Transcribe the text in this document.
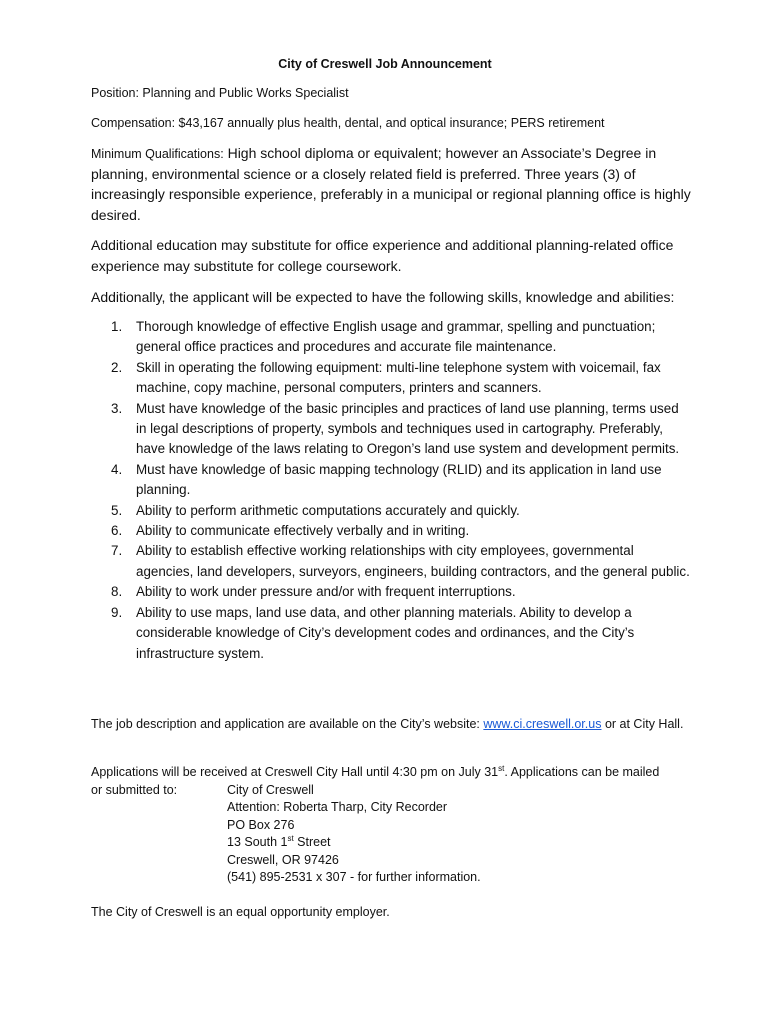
City of Creswell Job Announcement
Position: Planning and Public Works Specialist
Compensation: $43,167 annually plus health, dental, and optical insurance; PERS retirement
Minimum Qualifications: High school diploma or equivalent; however an Associate’s Degree in planning, environmental science or a closely related field is preferred. Three years (3) of increasingly responsible experience, preferably in a municipal or regional planning office is highly desired.
Additional education may substitute for office experience and additional planning-related office experience may substitute for college coursework.
Additionally, the applicant will be expected to have the following skills, knowledge and abilities:
1. Thorough knowledge of effective English usage and grammar, spelling and punctuation; general office practices and procedures and accurate file maintenance.
2. Skill in operating the following equipment: multi-line telephone system with voicemail, fax machine, copy machine, personal computers, printers and scanners.
3. Must have knowledge of the basic principles and practices of land use planning, terms used in legal descriptions of property, symbols and techniques used in cartography. Preferably, have knowledge of the laws relating to Oregon’s land use system and development permits.
4. Must have knowledge of basic mapping technology (RLID) and its application in land use planning.
5. Ability to perform arithmetic computations accurately and quickly.
6. Ability to communicate effectively verbally and in writing.
7. Ability to establish effective working relationships with city employees, governmental agencies, land developers, surveyors, engineers, building contractors, and the general public.
8. Ability to work under pressure and/or with frequent interruptions.
9. Ability to use maps, land use data, and other planning materials. Ability to develop a considerable knowledge of City’s development codes and ordinances, and the City’s infrastructure system.
The job description and application are available on the City’s website: www.ci.creswell.or.us or at City Hall.
Applications will be received at Creswell City Hall until 4:30 pm on July 31st. Applications can be mailed
or submitted to:	City of Creswell
Attention: Roberta Tharp, City Recorder
PO Box 276
13 South 1st Street
Creswell, OR 97426
(541) 895-2531 x 307 - for further information.
The City of Creswell is an equal opportunity employer.
